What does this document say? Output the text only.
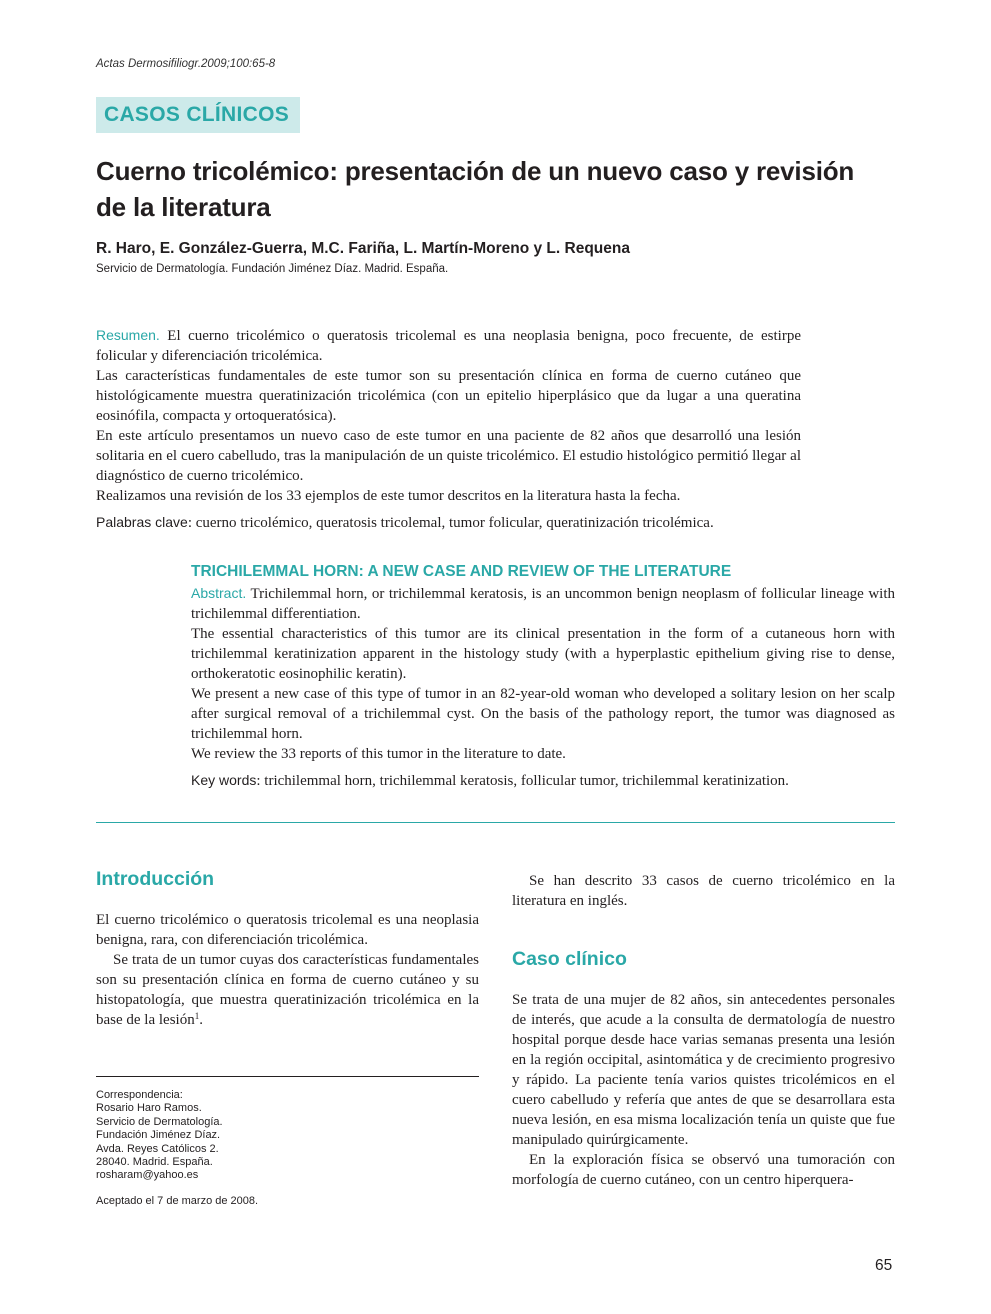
Actas Dermosifiliogr.2009;100:65-8
CASOS CLÍNICOS
Cuerno tricolémico: presentación de un nuevo caso y revisión
de la literatura
R. Haro, E. González-Guerra, M.C. Fariña, L. Martín-Moreno y L. Requena
Servicio de Dermatología. Fundación Jiménez Díaz. Madrid. España.

Resumen. El cuerno tricolémico o queratosis tricolemal es una neoplasia benigna, poco frecuente, de estirpe folicular y diferenciación tricolémica.

Las características fundamentales de este tumor son su presentación clínica en forma de cuerno cutáneo que histológicamente muestra queratinización tricolémica (con un epitelio hiperplásico que da lugar a una queratina eosinófila, compacta y ortoqueratósica).

En este artículo presentamos un nuevo caso de este tumor en una paciente de 82 años que desarrolló una lesión solitaria en el cuero cabelludo, tras la manipulación de un quiste tricolémico. El estudio histológico permitió llegar al diagnóstico de cuerno tricolémico.

Realizamos una revisión de los 33 ejemplos de este tumor descritos en la literatura hasta la fecha.

Palabras clave: cuerno tricolémico, queratosis tricolemal, tumor folicular, queratinización tricolémica.
TRICHILEMMAL HORN: A NEW CASE AND REVIEW OF THE LITERATURE

Abstract. Trichilemmal horn, or trichilemmal keratosis, is an uncommon benign neoplasm of follicular lineage with trichilemmal differentiation.

The essential characteristics of this tumor are its clinical presentation in the form of a cutaneous horn with trichilemmal keratinization apparent in the histology study (with a hyperplastic epithelium giving rise to dense, orthokeratotic eosinophilic keratin).

We present a new case of this type of tumor in an 82-year-old woman who developed a solitary lesion on her scalp after surgical removal of a trichilemmal cyst. On the basis of the pathology report, the tumor was diagnosed as trichilemmal horn.

We review the 33 reports of this tumor in the literature to date.

Key words: trichilemmal horn, trichilemmal keratosis, follicular tumor, trichilemmal keratinization.
Introducción

El cuerno tricolémico o queratosis tricolemal es una neoplasia benigna, rara, con diferenciación tricolémica.

Se trata de un tumor cuyas dos características fundamentales son su presentación clínica en forma de cuerno cutáneo y su histopatología, que muestra queratinización tricolémica en la base de la lesión$^1$.

Correspondencia:
Rosario Haro Ramos.
Servicio de Dermatología.
Fundación Jiménez Díaz.
Avda. Reyes Católicos 2.
28040. Madrid. España.
rosharam@yahoo.es
Aceptado el 7 de marzo de 2008.

Se han descrito 33 casos de cuerno tricolémico en la literatura en inglés.

Caso clínico

Se trata de una mujer de 82 años, sin antecedentes personales de interés, que acude a la consulta de dermatología de nuestro hospital porque desde hace varias semanas presenta una lesión en la región occipital, asintomática y de crecimiento progresivo y rápido. La paciente tenía varios quistes tricolémicos en el cuero cabelludo y refería que antes de que se desarrollara esta nueva lesión, en esa misma localización tenía un quiste que fue manipulado quirúrgicamente.

En la exploración física se observó una tumoración con morfología de cuerno cutáneo, con un centro hiperquera-

65
